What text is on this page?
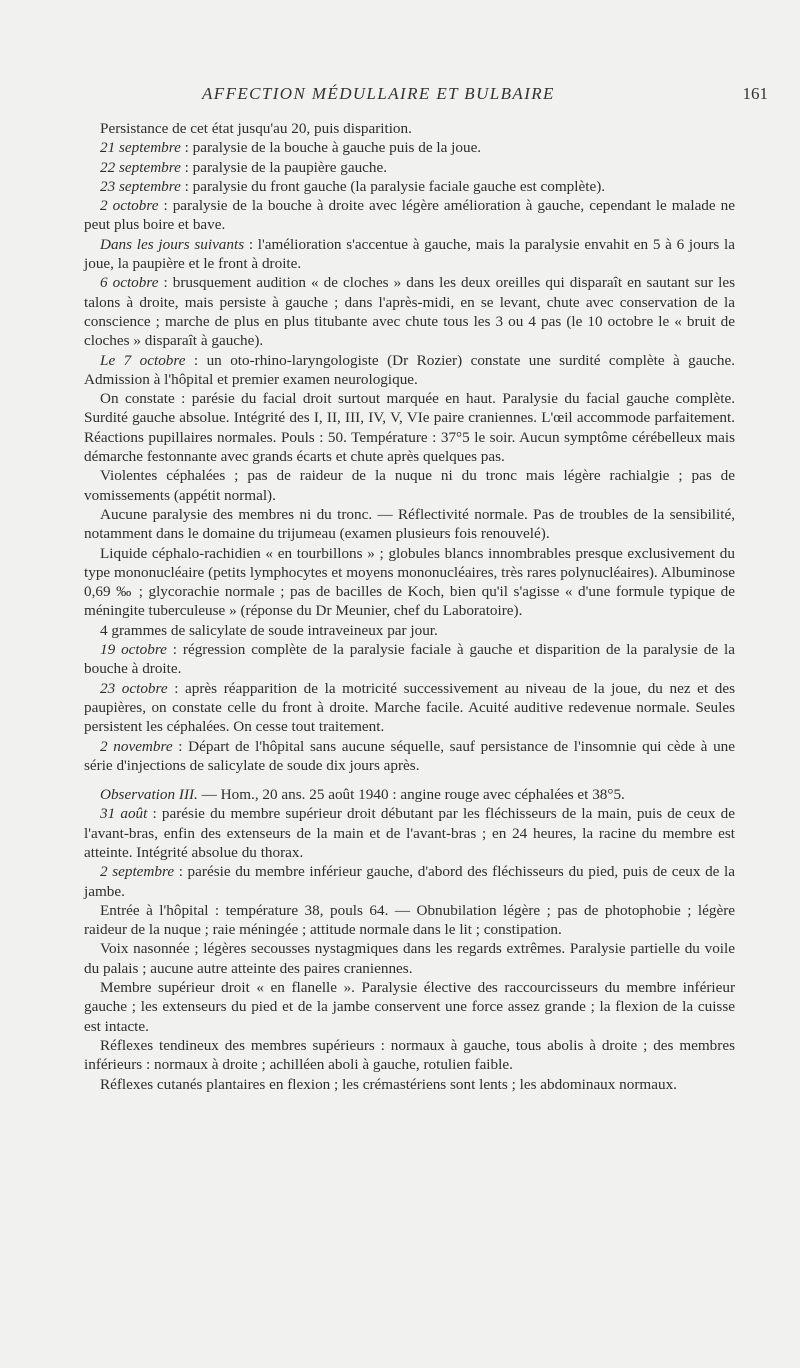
AFFECTION MÉDULLAIRE ET BULBAIRE	161

Persistance de cet état jusqu'au 20, puis disparition.

21 septembre : paralysie de la bouche à gauche puis de la joue.

22 septembre : paralysie de la paupière gauche.

23 septembre : paralysie du front gauche (la paralysie faciale gauche est complète).

2 octobre : paralysie de la bouche à droite avec légère amélioration à gauche, cependant le malade ne peut plus boire et bave.

Dans les jours suivants : l'amélioration s'accentue à gauche, mais la paralysie envahit en 5 à 6 jours la joue, la paupière et le front à droite.

6 octobre : brusquement audition « de cloches » dans les deux oreilles qui disparaît en sautant sur les talons à droite, mais persiste à gauche ; dans l'après-midi, en se levant, chute avec conservation de la conscience ; marche de plus en plus titubante avec chute tous les 3 ou 4 pas (le 10 octobre le « bruit de cloches » disparaît à gauche).

Le 7 octobre : un oto-rhino-laryngologiste (Dr Rozier) constate une surdité complète à gauche. Admission à l'hôpital et premier examen neurologique.

On constate : parésie du facial droit surtout marquée en haut. Paralysie du facial gauche complète. Surdité gauche absolue. Intégrité des I, II, III, IV, V, VIe paire craniennes. L'œil accommode parfaitement. Réactions pupillaires normales. Pouls : 50. Température : 37°5 le soir. Aucun symptôme cérébelleux mais démarche festonnante avec grands écarts et chute après quelques pas.

Violentes céphalées ; pas de raideur de la nuque ni du tronc mais légère rachialgie ; pas de vomissements (appétit normal).

Aucune paralysie des membres ni du tronc. — Réflectivité normale. Pas de troubles de la sensibilité, notamment dans le domaine du trijumeau (examen plusieurs fois renouvelé).

Liquide céphalo-rachidien « en tourbillons » ; globules blancs innombrables presque exclusivement du type mononucléaire (petits lymphocytes et moyens mononucléaires, très rares polynucléaires). Albuminose 0,69 ‰ ; glycorachie normale ; pas de bacilles de Koch, bien qu'il s'agisse « d'une formule typique de méningite tuberculeuse » (réponse du Dr Meunier, chef du Laboratoire).

4 grammes de salicylate de soude intraveineux par jour.

19 octobre : régression complète de la paralysie faciale à gauche et disparition de la paralysie de la bouche à droite.

23 octobre : après réapparition de la motricité successivement au niveau de la joue, du nez et des paupières, on constate celle du front à droite. Marche facile. Acuité auditive redevenue normale. Seules persistent les céphalées. On cesse tout traitement.

2 novembre : Départ de l'hôpital sans aucune séquelle, sauf persistance de l'insomnie qui cède à une série d'injections de salicylate de soude dix jours après.

Observation III. — Hom., 20 ans. 25 août 1940 : angine rouge avec céphalées et 38°5.

31 août : parésie du membre supérieur droit débutant par les fléchisseurs de la main, puis de ceux de l'avant-bras, enfin des extenseurs de la main et de l'avant-bras ; en 24 heures, la racine du membre est atteinte. Intégrité absolue du thorax.

2 septembre : parésie du membre inférieur gauche, d'abord des fléchisseurs du pied, puis de ceux de la jambe.

Entrée à l'hôpital : température 38, pouls 64. — Obnubilation légère ; pas de photophobie ; légère raideur de la nuque ; raie méningée ; attitude normale dans le lit ; constipation.

Voix nasonnée ; légères secousses nystagmiques dans les regards extrêmes. Paralysie partielle du voile du palais ; aucune autre atteinte des paires craniennes.

Membre supérieur droit « en flanelle ». Paralysie élective des raccourcisseurs du membre inférieur gauche ; les extenseurs du pied et de la jambe conservent une force assez grande ; la flexion de la cuisse est intacte.

Réflexes tendineux des membres supérieurs : normaux à gauche, tous abolis à droite ; des membres inférieurs : normaux à droite ; achilléen aboli à gauche, rotulien faible.

Réflexes cutanés plantaires en flexion ; les crémastériens sont lents ; les abdominaux normaux.
